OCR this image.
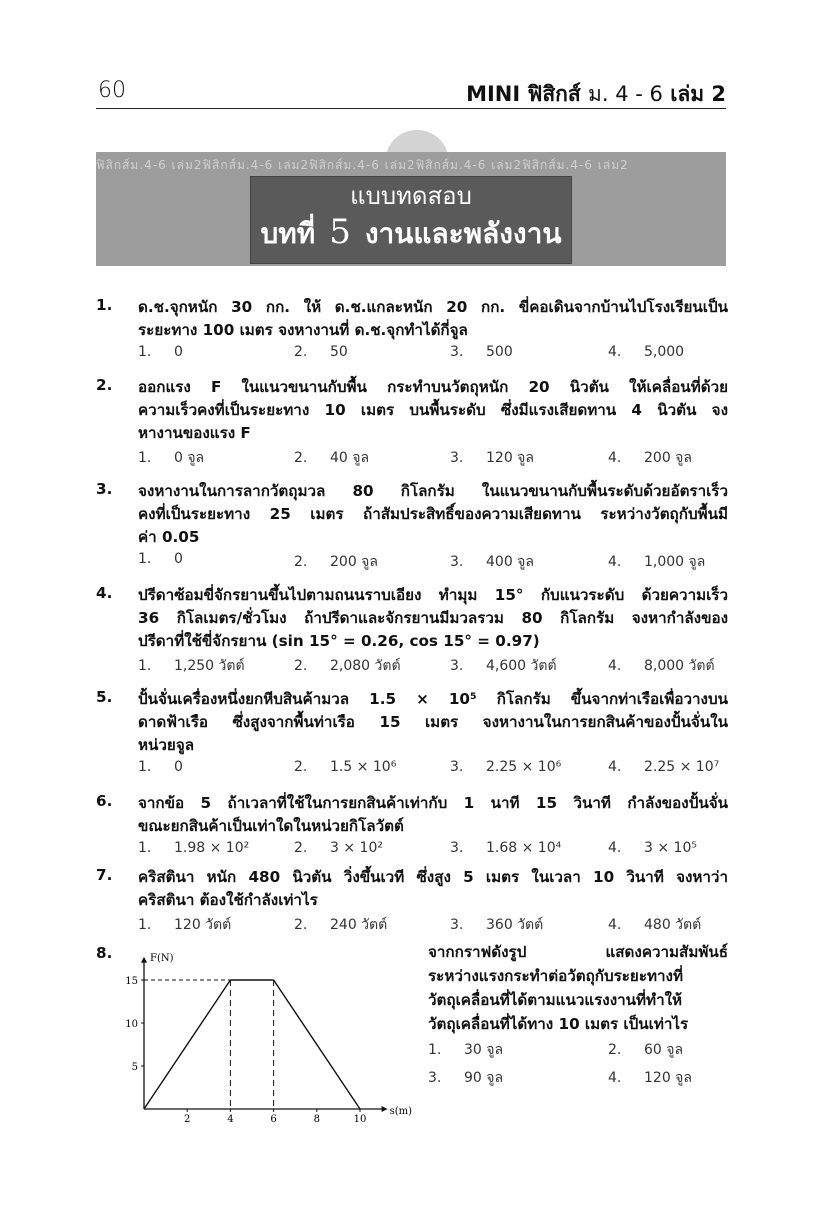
60	MINI ฟิสิกส์ ม. 4 - 6 เล่ม 2
ฟิสิกส์ม.4-6 เล่ม2ฟิสิกส์ม.4-6 เล่ม2ฟิสิกส์ม.4-6 เล่ม2ฟิสิกส์ม.4-6 เล่ม2ฟิสิกส์ม.4-6 เล่ม2
แบบทดสอบ
บทที่ 5 งานและพลังงาน
1. ด.ช.จุกหนัก 30 กก. ให้ ด.ช.แกละหนัก 20 กก. ขี่คอเดินจากบ้านไปโรงเรียนเป็น
ระยะทาง 100 เมตร จงหางานที่ ด.ช.จุกทำได้กี่จูล
1. 0	2. 50	3. 500	4. 5,000
2. ออกแรง F ในแนวขนานกับพื้น กระทำบนวัตถุหนัก 20 นิวตัน ให้เคลื่อนที่ด้วย
ความเร็วคงที่เป็นระยะทาง 10 เมตร บนพื้นระดับ ซึ่งมีแรงเสียดทาน 4 นิวตัน จง
หางานของแรง F
1. 0 จูล	2. 40 จูล	3. 120 จูล	4. 200 จูล
3. จงหางานในการลากวัตถุมวล 80 กิโลกรัม ในแนวขนานกับพื้นระดับด้วยอัตราเร็ว
คงที่เป็นระยะทาง 25 เมตร ถ้าสัมประสิทธิ์ของความเสียดทาน ระหว่างวัตถุกับพื้นมี
ค่า 0.05
1. 0	2. 200 จูล	3. 400 จูล	4. 1,000 จูล
4. ปรีดาซ้อมขี่จักรยานขึ้นไปตามถนนราบเอียง ทำมุม 15° กับแนวระดับ ด้วยความเร็ว
36 กิโลเมตร/ชั่วโมง ถ้าปรีดาและจักรยานมีมวลรวม 80 กิโลกรัม จงหากำลังของ
ปรีดาที่ใช้ขี่จักรยาน (sin 15° = 0.26, cos 15° = 0.97)
1. 1,250 วัตต์	2. 2,080 วัตต์	3. 4,600 วัตต์	4. 8,000 วัตต์
5. ปั้นจั่นเครื่องหนึ่งยกหีบสินค้ามวล 1.5 × 10⁵ กิโลกรัม ขึ้นจากท่าเรือเพื่อวางบน
ดาดฟ้าเรือ ซึ่งสูงจากพื้นท่าเรือ 15 เมตร จงหางานในการยกสินค้าของปั้นจั่นใน
หน่วยจูล
1. 0	2. 1.5 × 10⁶	3. 2.25 × 10⁶	4. 2.25 × 10⁷
6. จากข้อ 5 ถ้าเวลาที่ใช้ในการยกสินค้าเท่ากับ 1 นาที 15 วินาที กำลังของปั้นจั่น
ขณะยกสินค้าเป็นเท่าใดในหน่วยกิโลวัตต์
1. 1.98 × 10²	2. 3 × 10²	3. 1.68 × 10⁴	4. 3 × 10⁵
7. คริสตินา หนัก 480 นิวตัน วิ่งขึ้นเวที ซึ่งสูง 5 เมตร ในเวลา 10 วินาที จงหาว่า
คริสตินา ต้องใช้กำลังเท่าไร
1. 120 วัตต์	2. 240 วัตต์	3. 360 วัตต์	4. 480 วัตต์
8.	จากกราฟดังรูป แสดงความสัมพันธ์
ระหว่างแรงกระทำต่อวัตถุกับระยะทางที่
วัตถุเคลื่อนที่ได้ตามแนวแรงงานที่ทำให้
วัตถุเคลื่อนที่ได้ทาง 10 เมตร เป็นเท่าไร
1. 30 จูล	2. 60 จูล
3. 90 จูล	4. 120 จูล
s(m)
F(N)
2	4	6	8	10
5
10
15
